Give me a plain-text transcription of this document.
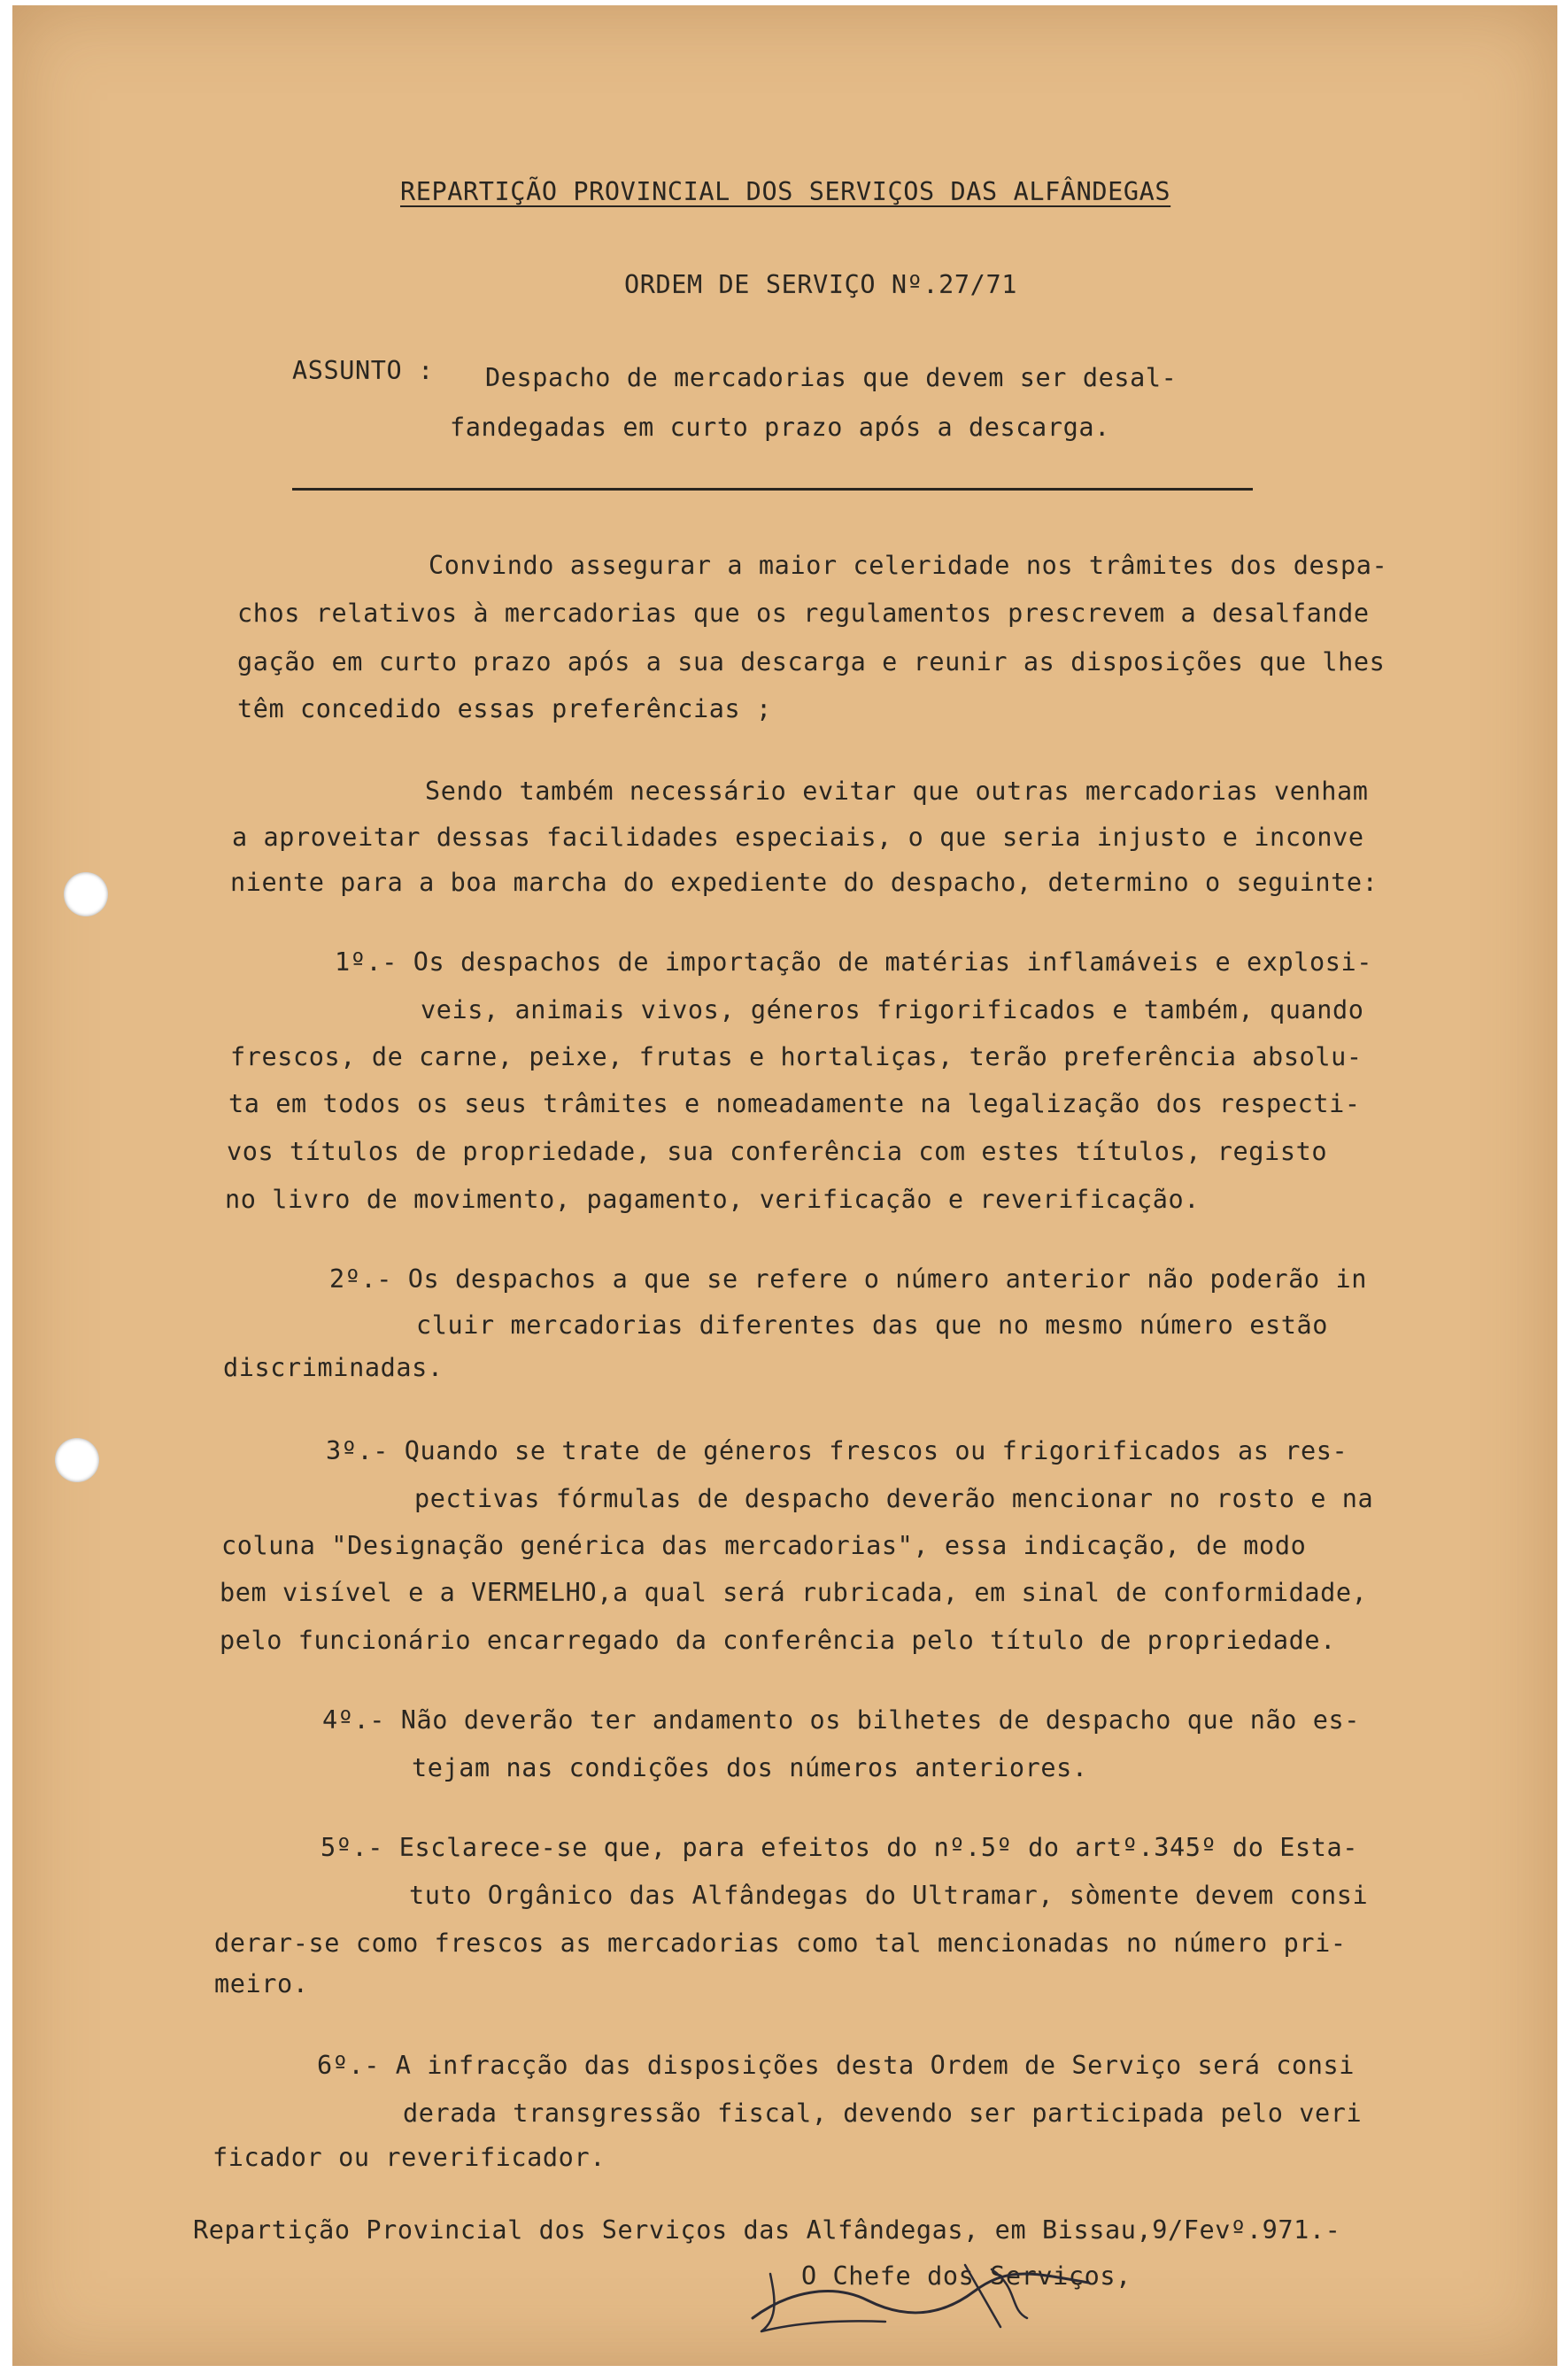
REPARTIÇÃO PROVINCIAL DOS SERVIÇOS DAS ALFÂNDEGAS
ORDEM DE SERVIÇO Nº.27/71
ASSUNTO : Despacho de mercadorias que devem ser desal-
fandegadas em curto prazo após a descarga.
Convindo assegurar a maior celeridade nos trâmites dos despa-
chos relativos à mercadorias que os regulamentos prescrevem a desalfande
gação em curto prazo após a sua descarga e reunir as disposições que lhes
têm concedido essas preferências ;
Sendo também necessário evitar que outras mercadorias venham
a aproveitar dessas facilidades especiais, o que seria injusto e inconve
niente para a boa marcha do expediente do despacho, determino o seguinte:
1º.- Os despachos de importação de matérias inflamáveis e explosi-
veis, animais vivos, géneros frigorificados e também, quando
frescos, de carne, peixe, frutas e hortaliças, terão preferência absolu-
ta em todos os seus trâmites e nomeadamente na legalização dos respecti-
vos títulos de propriedade, sua conferência com estes títulos, registo
no livro de movimento, pagamento, verificação e reverificação.
2º.- Os despachos a que se refere o número anterior não poderão in
cluir mercadorias diferentes das que no mesmo número estão
discriminadas.
3º.- Quando se trate de géneros frescos ou frigorificados as res-
pectivas fórmulas de despacho deverão mencionar no rosto e na
coluna "Designação genérica das mercadorias", essa indicação, de modo
bem visível e a VERMELHO,a qual será rubricada, em sinal de conformidade,
pelo funcionário encarregado da conferência pelo título de propriedade.
4º.- Não deverão ter andamento os bilhetes de despacho que não es-
tejam nas condições dos números anteriores.
5º.- Esclarece-se que, para efeitos do nº.5º do artº.345º do Esta-
tuto Orgânico das Alfândegas do Ultramar, sòmente devem consi
derar-se como frescos as mercadorias como tal mencionadas no número pri-
meiro.
6º.- A infracção das disposições desta Ordem de Serviço será consi
derada transgressão fiscal, devendo ser participada pelo veri
ficador ou reverificador.
Repartição Provincial dos Serviços das Alfândegas, em Bissau,9/Fevº.971.-
O Chefe dos Serviços,
